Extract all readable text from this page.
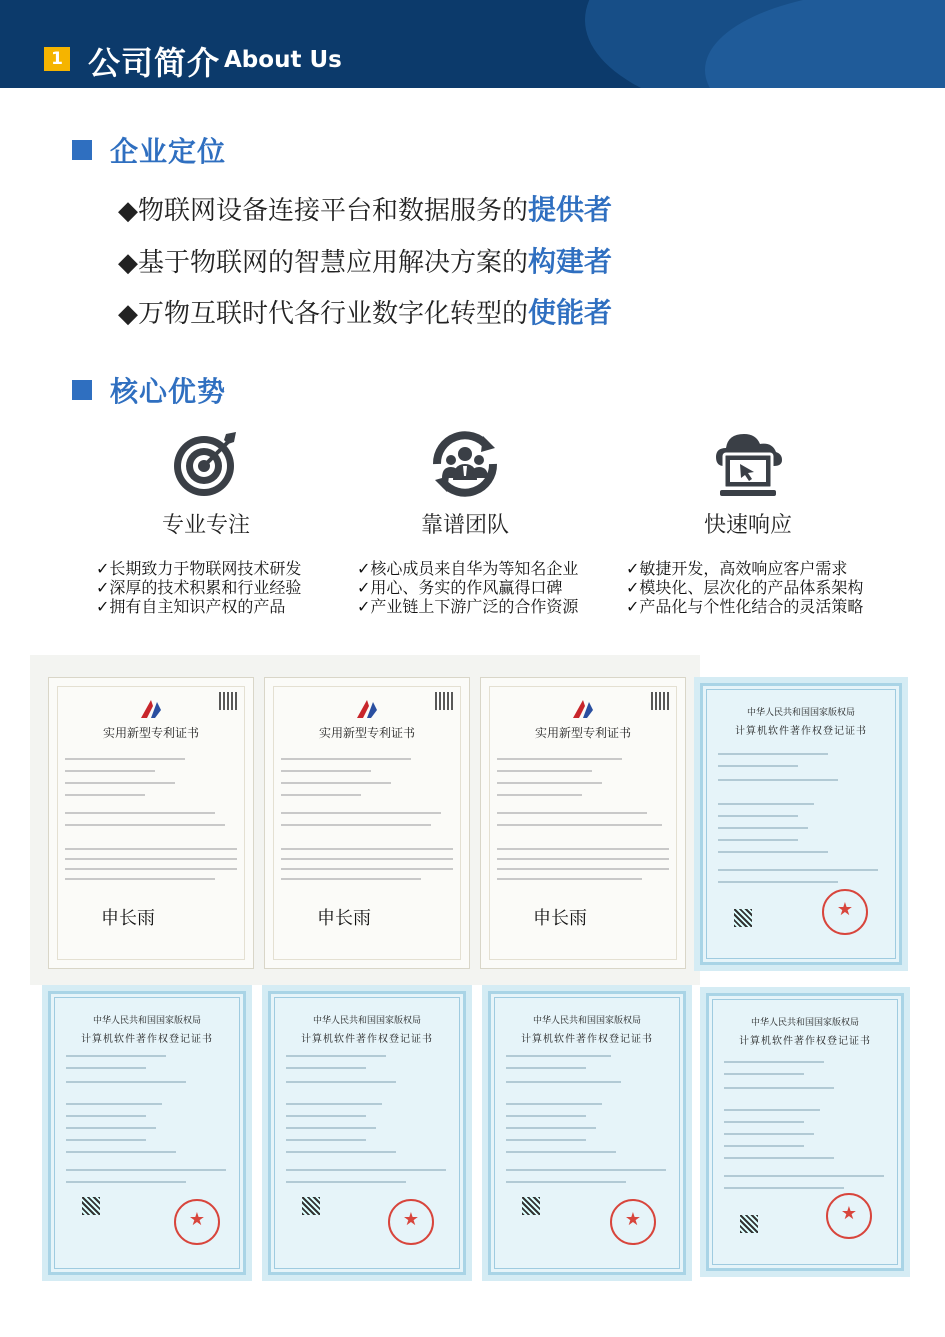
1 公司简介 About Us
企业定位
◆物联网设备连接平台和数据服务的提供者
◆基于物联网的智慧应用解决方案的构建者
◆万物互联时代各行业数字化转型的使能者
核心优势
专业专注
✓长期致力于物联网技术研发
✓深厚的技术积累和行业经验
✓拥有自主知识产权的产品
靠谱团队
✓核心成员来自华为等知名企业
✓用心、务实的作风赢得口碑
✓产业链上下游广泛的合作资源
快速响应
✓敏捷开发，高效响应客户需求
✓模块化、层次化的产品体系架构
✓产品化与个性化结合的灵活策略
实用新型专利证书
申长雨
实用新型专利证书
申长雨
实用新型专利证书
申长雨
中华人民共和国国家版权局
计算机软件著作权登记证书
★
中华人民共和国国家版权局
计算机软件著作权登记证书
★
中华人民共和国国家版权局
计算机软件著作权登记证书
★
中华人民共和国国家版权局
计算机软件著作权登记证书
★
中华人民共和国国家版权局
计算机软件著作权登记证书
★
